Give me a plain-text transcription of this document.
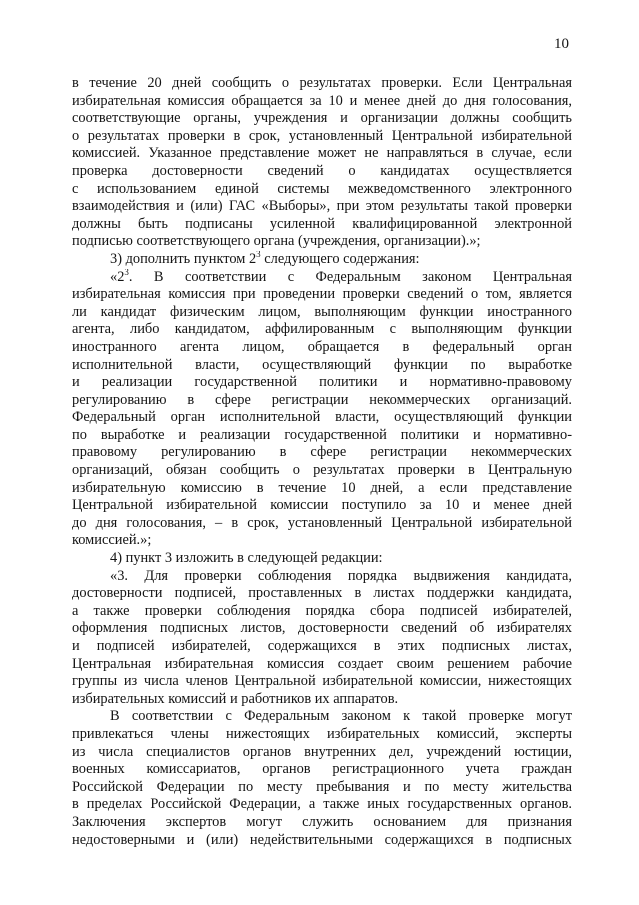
10
в течение 20 дней сообщить о результатах проверки. Если Центральная
избирательная комиссия обращается за 10 и менее дней до дня голосования,
соответствующие органы, учреждения и организации должны сообщить
о результатах проверки в срок, установленный Центральной избирательной
комиссией. Указанное представление может не направляться в случае, если
проверка достоверности сведений о кандидатах осуществляется
с использованием единой системы межведомственного электронного
взаимодействия и (или) ГАС «Выборы», при этом результаты такой проверки
должны быть подписаны усиленной квалифицированной электронной
подписью соответствующего органа (учреждения, организации).»;
3) дополнить пунктом $2^3$ следующего содержания:
«$2^3$. В соответствии с Федеральным законом Центральная
избирательная комиссия при проведении проверки сведений о том, является
ли кандидат физическим лицом, выполняющим функции иностранного
агента, либо кандидатом, аффилированным с выполняющим функции
иностранного агента лицом, обращается в федеральный орган
исполнительной власти, осуществляющий функции по выработке
и реализации государственной политики и нормативно-правовому
регулированию в сфере регистрации некоммерческих организаций.
Федеральный орган исполнительной власти, осуществляющий функции
по выработке и реализации государственной политики и нормативно-
правовому регулированию в сфере регистрации некоммерческих
организаций, обязан сообщить о результатах проверки в Центральную
избирательную комиссию в течение 10 дней, а если представление
Центральной избирательной комиссии поступило за 10 и менее дней
до дня голосования, – в срок, установленный Центральной избирательной
комиссией.»;
4) пункт 3 изложить в следующей редакции:
«3. Для проверки соблюдения порядка выдвижения кандидата,
достоверности подписей, проставленных в листах поддержки кандидата,
а также проверки соблюдения порядка сбора подписей избирателей,
оформления подписных листов, достоверности сведений об избирателях
и подписей избирателей, содержащихся в этих подписных листах,
Центральная избирательная комиссия создает своим решением рабочие
группы из числа членов Центральной избирательной комиссии, нижестоящих
избирательных комиссий и работников их аппаратов.
В соответствии с Федеральным законом к такой проверке могут
привлекаться члены нижестоящих избирательных комиссий, эксперты
из числа специалистов органов внутренних дел, учреждений юстиции,
военных комиссариатов, органов регистрационного учета граждан
Российской Федерации по месту пребывания и по месту жительства
в пределах Российской Федерации, а также иных государственных органов.
Заключения экспертов могут служить основанием для признания
недостоверными и (или) недействительными содержащихся в подписных
